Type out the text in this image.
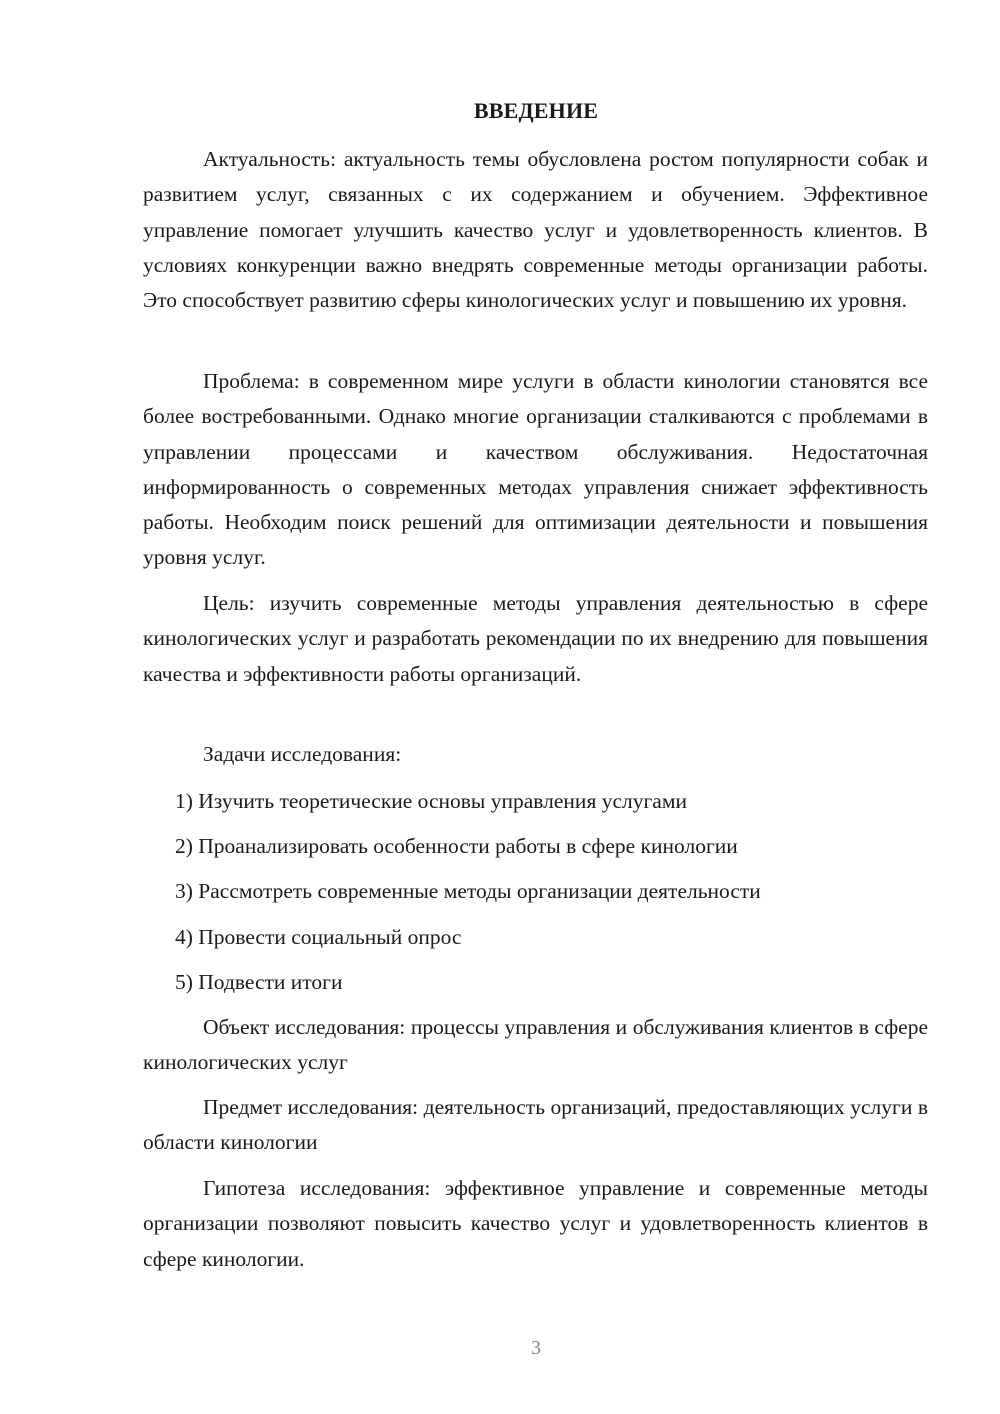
ВВЕДЕНИЕ

Актуальность: актуальность темы обусловлена ростом популярности собак и развитием услуг, связанных с их содержанием и обучением. Эффективное управление помогает улучшить качество услуг и удовлетворенность клиентов. В условиях конкуренции важно внедрять современные методы организации работы. Это способствует развитию сферы кинологических услуг и повышению их уровня.

Проблема: в современном мире услуги в области кинологии становятся все более востребованными. Однако многие организации сталкиваются с проблемами в управлении процессами и качеством обслуживания. Недостаточная информированность о современных методах управления снижает эффективность работы. Необходим поиск решений для оптимизации деятельности и повышения уровня услуг.

Цель: изучить современные методы управления деятельностью в сфере кинологических услуг и разработать рекомендации по их внедрению для повышения качества и эффективности работы организаций.

Задачи исследования:

1) Изучить теоретические основы управления услугами

2) Проанализировать особенности работы в сфере кинологии

3) Рассмотреть современные методы организации деятельности

4) Провести социальный опрос

5) Подвести итоги

Объект исследования: процессы управления и обслуживания клиентов в сфере кинологических услуг

Предмет исследования: деятельность организаций, предоставляющих услуги в области кинологии

Гипотеза исследования: эффективное управление и современные методы организации позволяют повысить качество услуг и удовлетворенность клиентов в сфере кинологии.

3
